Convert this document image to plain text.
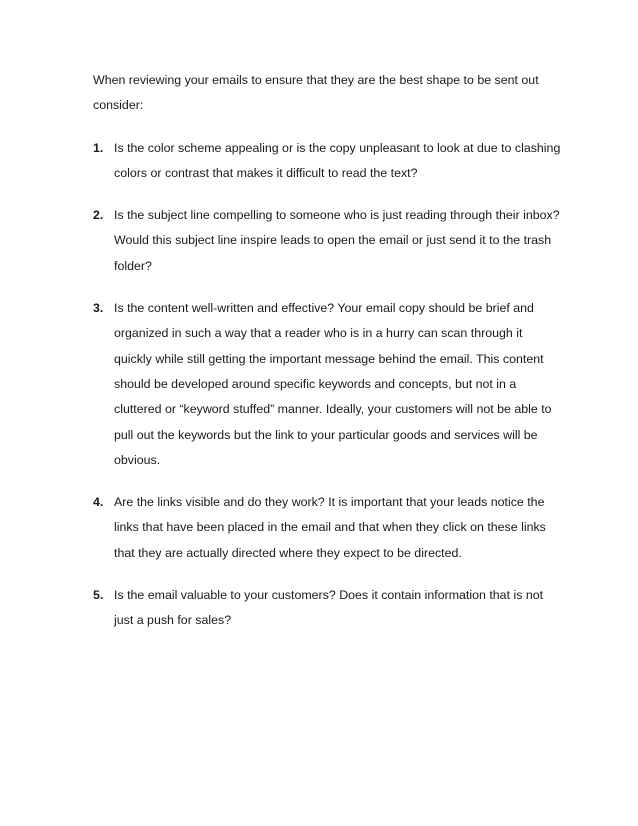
When reviewing your emails to ensure that they are the best shape to be sent out consider:

1. Is the color scheme appealing or is the copy unpleasant to look at due to clashing colors or contrast that makes it difficult to read the text?
2. Is the subject line compelling to someone who is just reading through their inbox? Would this subject line inspire leads to open the email or just send it to the trash folder?
3. Is the content well-written and effective? Your email copy should be brief and organized in such a way that a reader who is in a hurry can scan through it quickly while still getting the important message behind the email. This content should be developed around specific keywords and concepts, but not in a cluttered or “keyword stuffed” manner. Ideally, your customers will not be able to pull out the keywords but the link to your particular goods and services will be obvious.
4. Are the links visible and do they work? It is important that your leads notice the links that have been placed in the email and that when they click on these links that they are actually directed where they expect to be directed.
5. Is the email valuable to your customers? Does it contain information that is not just a push for sales?
